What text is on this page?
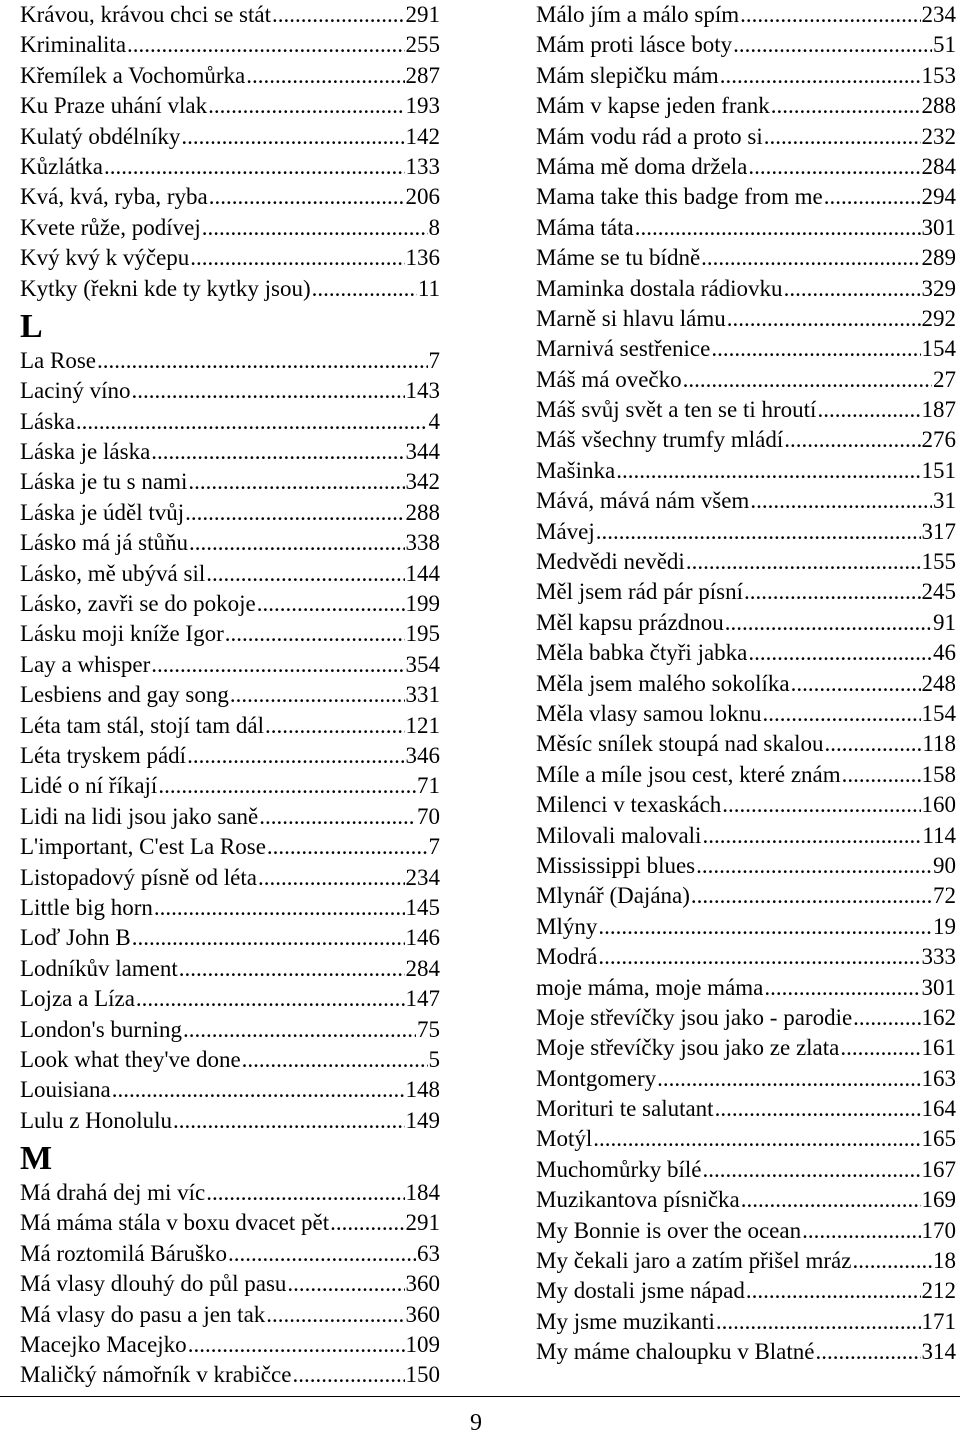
Krávou, krávou chci se stát .....	291
Kriminalita .....	255
Křemílek a Vochomůrka .....	287
Ku Praze uhání vlak .....	193
Kulatý obdélníky .....	142
Kůzlátka .....	133
Kvá, kvá, ryba, ryba .....	206
Kvete růže, podívej .....	8
Kvý kvý k výčepu .....	136
Kytky (řekni kde ty kytky jsou) .....	11
L
La Rose .....	7
Laciný víno .....	143
Láska .....	4
Láska je láska .....	344
Láska je tu s nami .....	342
Láska je úděl tvůj .....	288
Lásko má já stůňu .....	338
Lásko, mě ubývá sil .....	144
Lásko, zavři se do pokoje .....	199
Lásku moji kníže Igor .....	195
Lay a whisper .....	354
Lesbiens and gay song .....	331
Léta tam stál, stojí tam dál .....	121
Léta tryskem pádí .....	346
Lidé o ní říkají .....	71
Lidi na lidi jsou jako saně .....	70
L'important, C'est La Rose .....	7
Listopadový písně od léta .....	234
Little big horn .....	145
Loď John B .....	146
Lodníkův lament .....	284
Lojza a Líza .....	147
London's burning .....	75
Look what they've done .....	5
Louisiana .....	148
Lulu z Honolulu .....	149
M
Má drahá dej mi víc .....	184
Má máma stála v boxu dvacet pět .....	291
Má roztomilá Báruško .....	63
Má vlasy dlouhý do půl pasu .....	360
Má vlasy do pasu a jen tak .....	360
Macejko Macejko .....	109
Maličký námořník v krabičce .....	150
Málo jím a málo spím .....	234
Mám proti lásce boty .....	51
Mám slepičku mám .....	153
Mám v kapse jeden frank .....	288
Mám vodu rád a proto si .....	232
Máma mě doma držela .....	284
Mama take this badge from me .....	294
Máma táta .....	301
Máme se tu bídně .....	289
Maminka dostala rádiovku .....	329
Marně si hlavu lámu .....	292
Marnivá sestřenice .....	154
Máš má ovečko .....	27
Máš svůj svět a ten se ti hroutí .....	187
Máš všechny trumfy mládí .....	276
Mašinka .....	151
Mává, mává nám všem .....	31
Mávej .....	317
Medvědi nevědi .....	155
Měl jsem rád pár písní .....	245
Měl kapsu prázdnou .....	91
Měla babka čtyři jabka .....	46
Měla jsem malého sokolíka .....	248
Měla vlasy samou loknu .....	154
Měsíc snílek stoupá nad skalou .....	118
Míle a míle jsou cest, které znám .....	158
Milenci v texaskách .....	160
Milovali malovali .....	114
Mississippi blues .....	90
Mlynář (Dajána) .....	72
Mlýny .....	19
Modrá .....	333
moje máma, moje máma .....	301
Moje střevíčky jsou jako - parodie .....	162
Moje střevíčky jsou jako ze zlata .....	161
Montgomery .....	163
Morituri te salutant .....	164
Motýl .....	165
Muchomůrky bílé .....	167
Muzikantova písnička .....	169
My Bonnie is over the ocean .....	170
My čekali jaro a zatím přišel mráz .....	18
My dostali jsme nápad .....	212
My jsme muzikanti .....	171
My máme chaloupku v Blatné .....	314
9
